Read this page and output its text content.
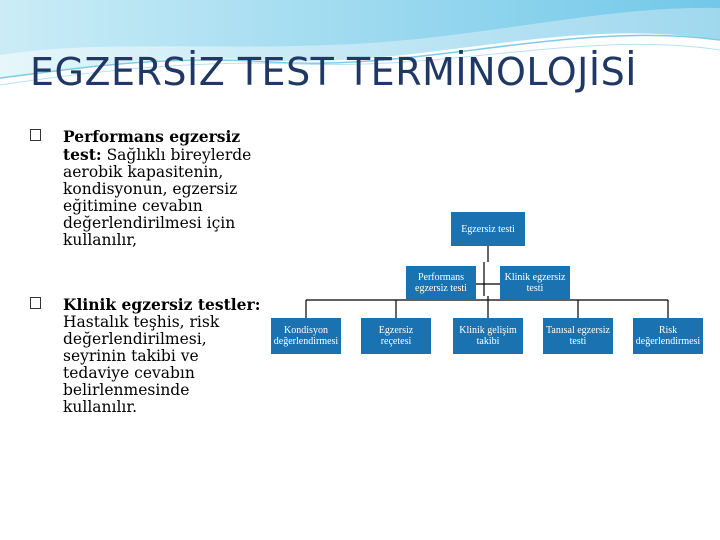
EGZERSİZ TEST TERMİNOLOJİSİ
Performans egzersiz
test: Sağlıklı bireylerde
aerobik kapasitenin,
kondisyonun, egzersiz
eğitimine cevabın
değerlendirilmesi için
kullanılır,
Klinik egzersiz testler:
Hastalık teşhis, risk
değerlendirilmesi,
seyrinin takibi ve
tedaviye cevabın
belirlenmesinde
kullanılır.
Egzersiz testi
Performans egzersiz testi
Klinik egzersiz testi
Kondisyon değerlendirmesi
Egzersiz reçetesi
Klinik gelişim takibi
Tanısal egzersiz testi
Risk değerlendirmesi
